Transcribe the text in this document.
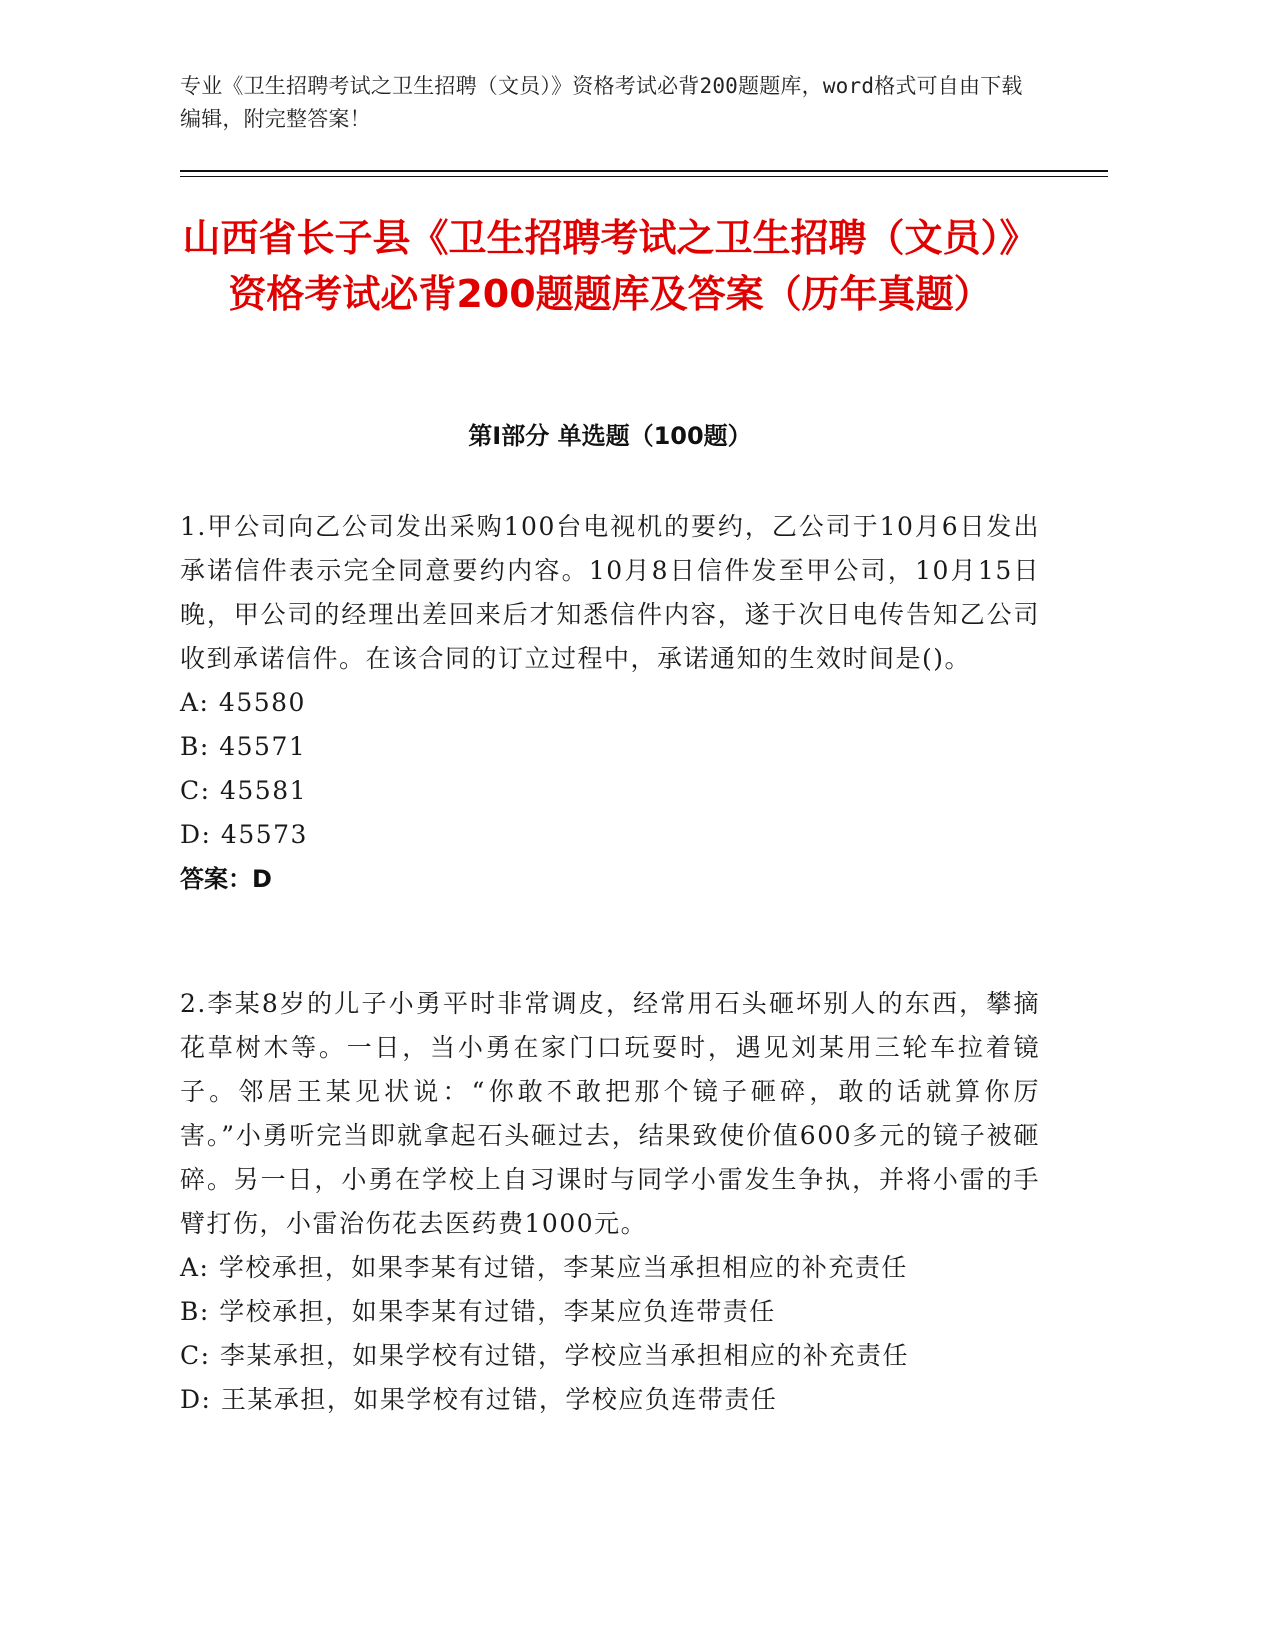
专业《卫生招聘考试之卫生招聘（文员）》资格考试必背200题题库，word格式可自由下载编辑，附完整答案！
山西省长子县《卫生招聘考试之卫生招聘（文员）》资格考试必背200题题库及答案（历年真题）
第Ⅰ部分 单选题（100题）
1.甲公司向乙公司发出采购100台电视机的要约，乙公司于10月6日发出承诺信件表示完全同意要约内容。10月8日信件发至甲公司，10月15日晚，甲公司的经理出差回来后才知悉信件内容，遂于次日电传告知乙公司收到承诺信件。在该合同的订立过程中，承诺通知的生效时间是()。
A: 45580
B: 45571
C: 45581
D: 45573
答案：D
2.李某8岁的儿子小勇平时非常调皮，经常用石头砸坏别人的东西，攀摘花草树木等。一日，当小勇在家门口玩耍时，遇见刘某用三轮车拉着镜子。邻居王某见状说：“你敢不敢把那个镜子砸碎，敢的话就算你厉害。”小勇听完当即就拿起石头砸过去，结果致使价值600多元的镜子被砸碎。另一日，小勇在学校上自习课时与同学小雷发生争执，并将小雷的手臂打伤，小雷治伤花去医药费1000元。
A: 学校承担，如果李某有过错，李某应当承担相应的补充责任
B: 学校承担，如果李某有过错，李某应负连带责任
C: 李某承担，如果学校有过错，学校应当承担相应的补充责任
D: 王某承担，如果学校有过错，学校应负连带责任
